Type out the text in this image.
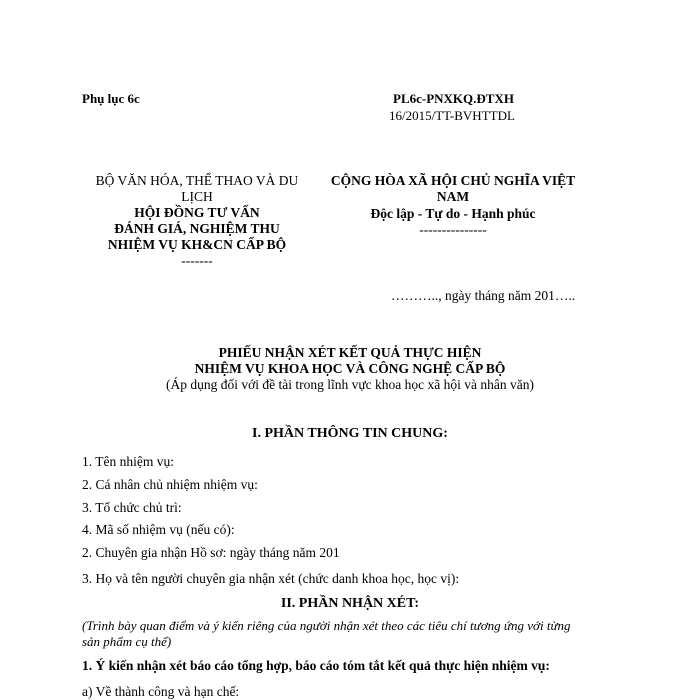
Phụ lục 6c	PL6c-PNXKQ.ĐTXH
16/2015/TT-BVHTTDL
BỘ VĂN HÓA, THỂ THAO VÀ DU
LỊCH
HỘI ĐỒNG TƯ VẤN
ĐÁNH GIÁ, NGHIỆM THU
NHIỆM VỤ KH&CN CẤP BỘ
-------
CỘNG HÒA XÃ HỘI CHỦ NGHĨA VIỆT
NAM
Độc lập - Tự do - Hạnh phúc
---------------
……….., ngày tháng năm 201…..
PHIẾU NHẬN XÉT KẾT QUẢ THỰC HIỆN
NHIỆM VỤ KHOA HỌC VÀ CÔNG NGHỆ CẤP BỘ
(Áp dụng đối với đề tài trong lĩnh vực khoa học xã hội và nhân văn)
I. PHẦN THÔNG TIN CHUNG:
1. Tên nhiệm vụ:
2. Cá nhân chủ nhiệm nhiệm vụ:
3. Tổ chức chủ trì:
4. Mã số nhiệm vụ (nếu có):
2. Chuyên gia nhận Hồ sơ: ngày tháng năm 201
3. Họ và tên người chuyên gia nhận xét (chức danh khoa học, học vị):
II. PHẦN NHẬN XÉT:
(Trình bày quan điểm và ý kiến riêng của người nhận xét theo các tiêu chí tương ứng với từng
sản phẩm cụ thể)
1. Ý kiến nhận xét báo cáo tổng hợp, báo cáo tóm tắt kết quả thực hiện nhiệm vụ:
a) Về thành công và hạn chế:
